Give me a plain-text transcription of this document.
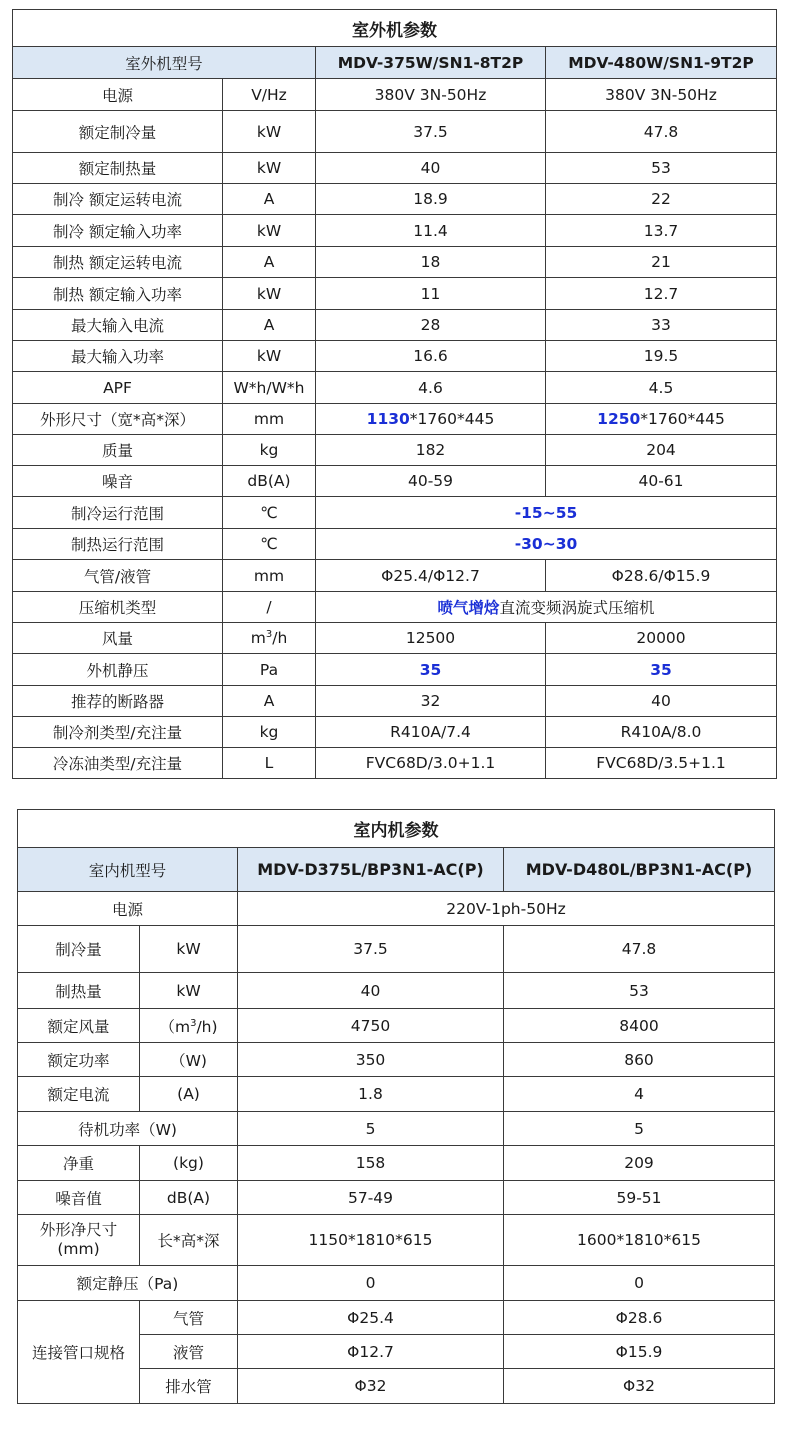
室外机参数			
室外机型号		MDV-375W/SN1-8T2P	MDV-480W/SN1-9T2P
电源	V/Hz	380V 3N-50Hz	380V 3N-50Hz
额定制冷量	kW	37.5	47.8
额定制热量	kW	40	53
制冷 额定运转电流	A	18.9	22
制冷 额定输入功率	kW	11.4	13.7
制热 额定运转电流	A	18	21
制热 额定输入功率	kW	11	12.7
最大输入电流	A	28	33
最大输入功率	kW	16.6	19.5
APF	W*h/W*h	4.6	4.5
外形尺寸（宽*高*深）	mm	1130*1760*445	1250*1760*445
质量	kg	182	204
噪音	dB(A)	40-59	40-61
制冷运行范围	℃	-15~55	
制热运行范围	℃	-30~30	
气管/液管	mm	Φ25.4/Φ12.7	Φ28.6/Φ15.9
压缩机类型	/	喷气增焓直流变频涡旋式压缩机	
风量	$m^3/h$	12500	20000
外机静压	Pa	35	35
推荐的断路器	A	32	40
制冷剂类型/充注量	kg	R410A/7.4	R410A/8.0
冷冻油类型/充注量	L	FVC68D/3.0+1.1	FVC68D/3.5+1.1
室内机参数			
室内机型号		MDV-D375L/BP3N1-AC(P)	MDV-D480L/BP3N1-AC(P)
电源		220V-1ph-50Hz	
制冷量	kW	37.5	47.8
制热量	kW	40	53
额定风量	$(m^3/h)$	4750	8400
额定功率	（W)	350	860
额定电流	(A)	1.8	4
待机功率（W)		5	5
净重	(kg)	158	209
噪音值	dB(A)	57-49	59-51

外形净尺寸
(mm)	长*高*深	1150*1810*615	1600*1810*615
额定静压（Pa)		0	0
连接管口规格	气管	Φ25.4	Φ28.6
	液管	Φ12.7	Φ15.9
	排水管	Φ32	Φ32
